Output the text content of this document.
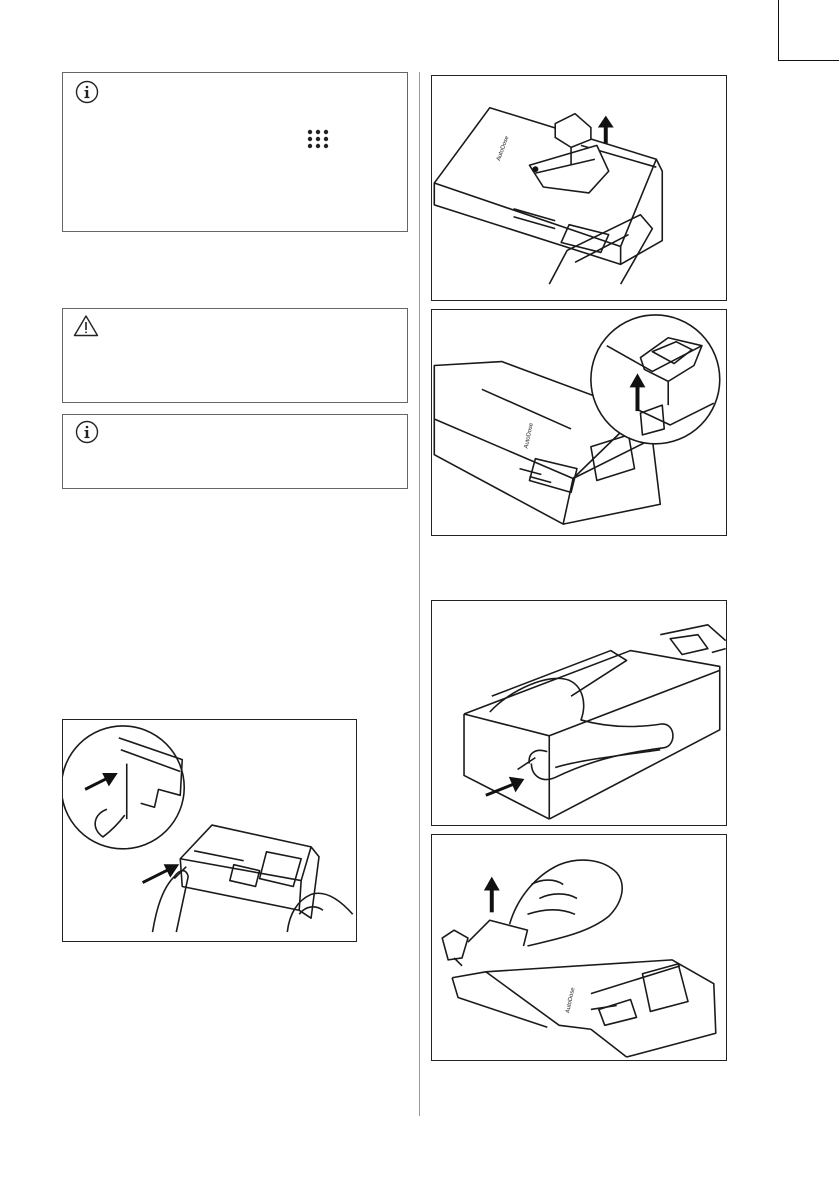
AutoDose
AutoDose
AutoDose
